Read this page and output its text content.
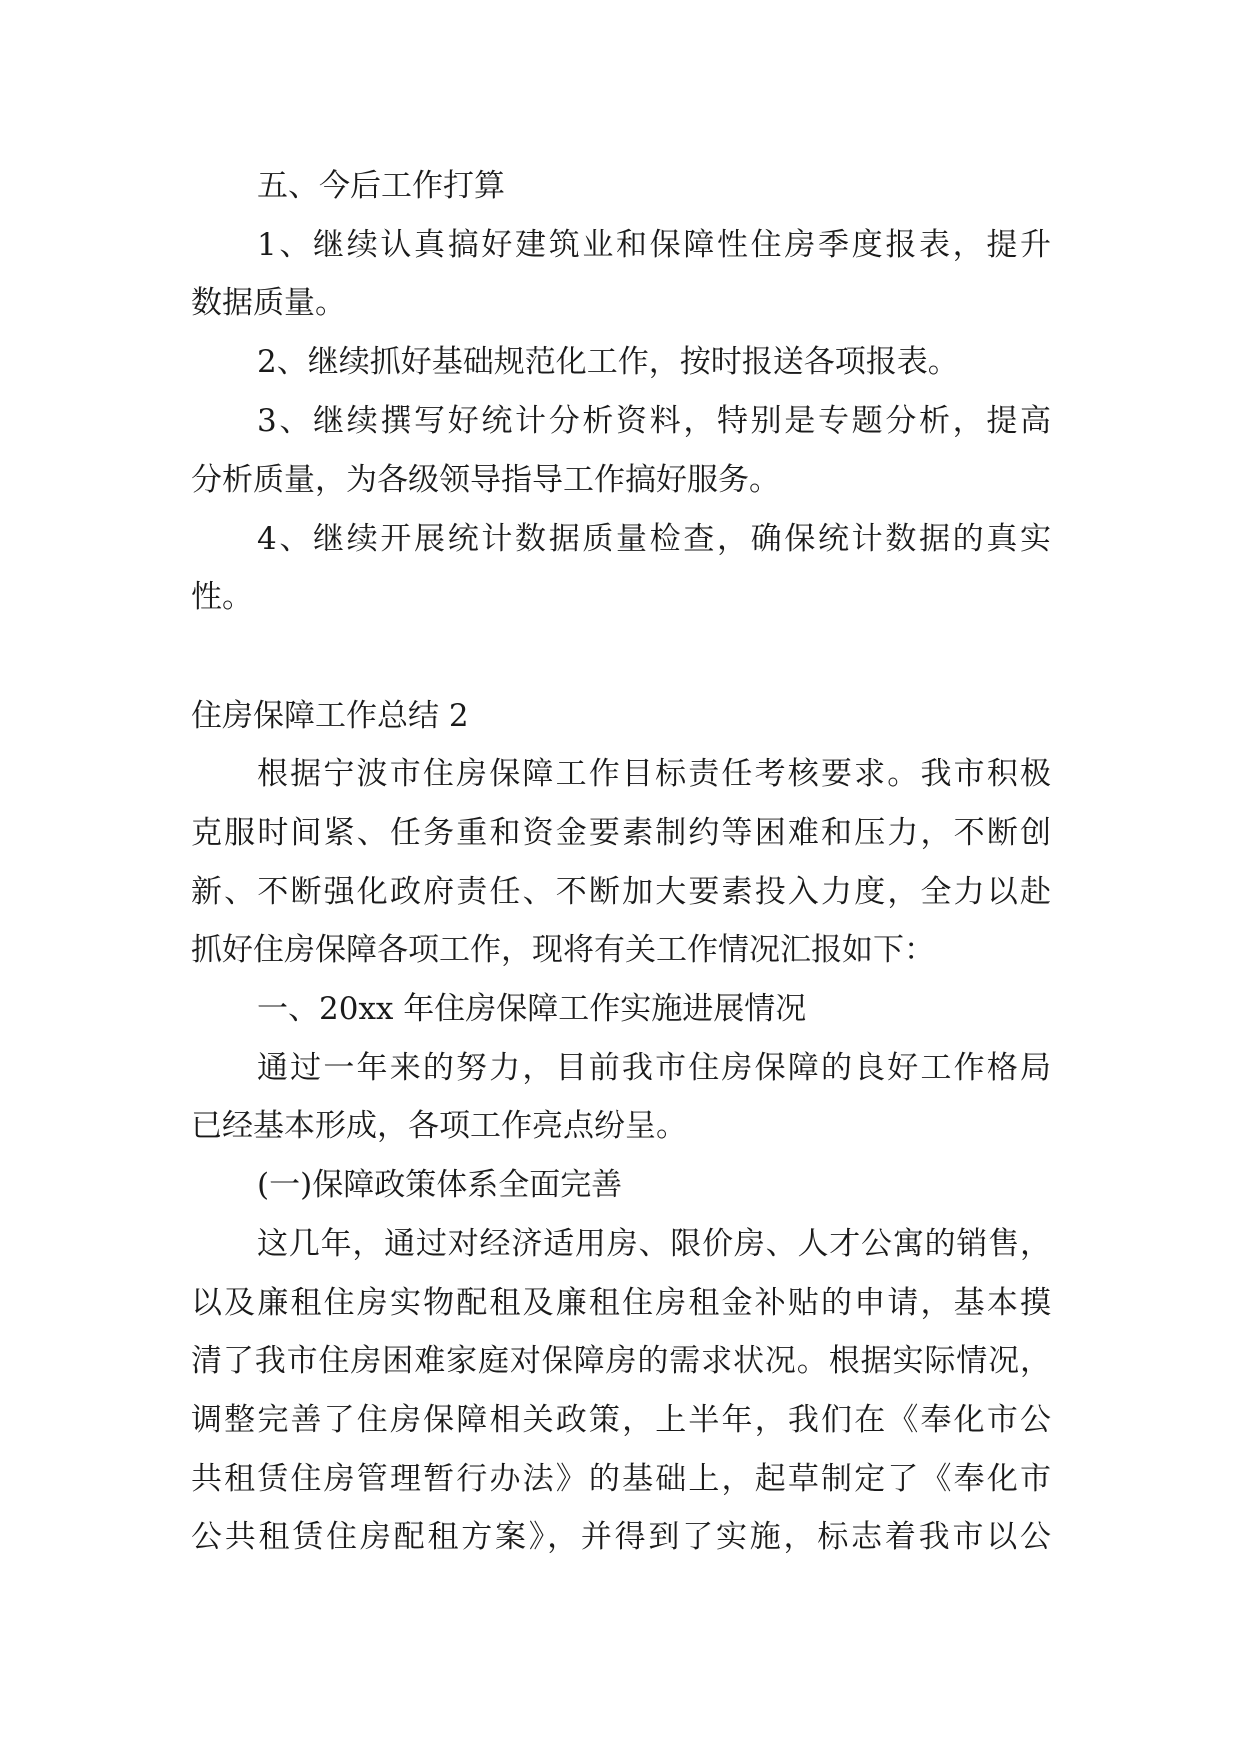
五、今后工作打算
1、继续认真搞好建筑业和保障性住房季度报表，提升
数据质量。
2、继续抓好基础规范化工作，按时报送各项报表。
3、继续撰写好统计分析资料，特别是专题分析，提高
分析质量，为各级领导指导工作搞好服务。
4、继续开展统计数据质量检查，确保统计数据的真实
性。
住房保障工作总结 2
根据宁波市住房保障工作目标责任考核要求。我市积极
克服时间紧、任务重和资金要素制约等困难和压力，不断创
新、不断强化政府责任、不断加大要素投入力度，全力以赴
抓好住房保障各项工作，现将有关工作情况汇报如下：
一、20xx 年住房保障工作实施进展情况
通过一年来的努力，目前我市住房保障的良好工作格局
已经基本形成，各项工作亮点纷呈。
(一)保障政策体系全面完善
这几年，通过对经济适用房、限价房、人才公寓的销售，
以及廉租住房实物配租及廉租住房租金补贴的申请，基本摸
清了我市住房困难家庭对保障房的需求状况。根据实际情况，
调整完善了住房保障相关政策，上半年，我们在《奉化市公
共租赁住房管理暂行办法》的基础上，起草制定了《奉化市
公共租赁住房配租方案》，并得到了实施，标志着我市以公
